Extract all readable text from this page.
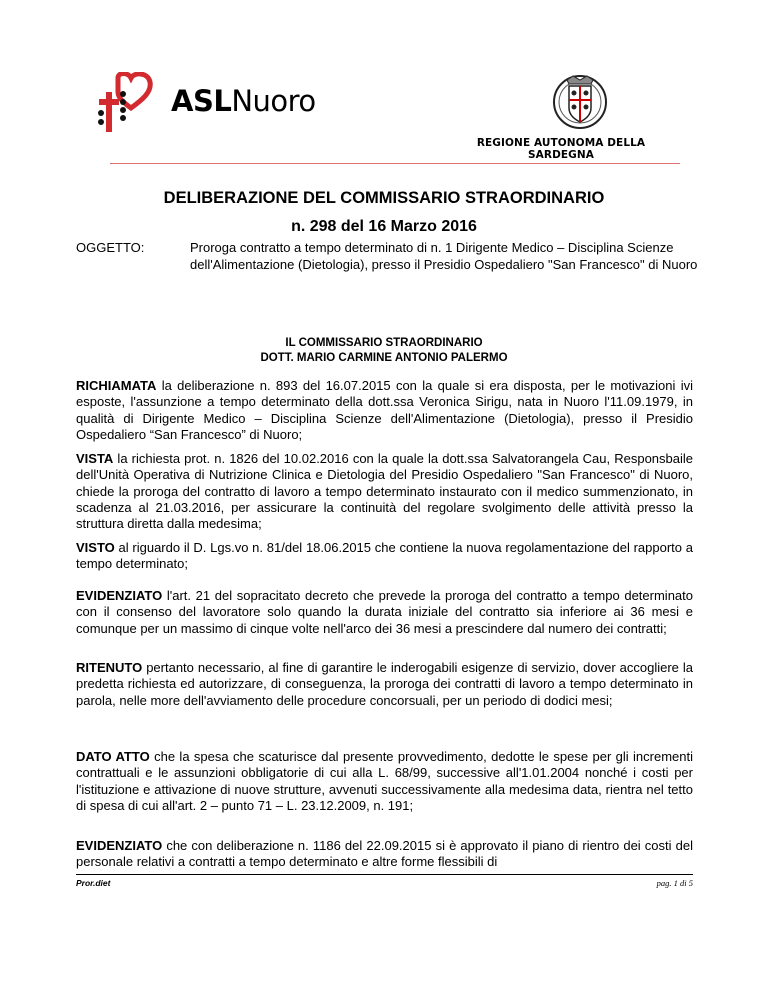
ASLNuoro
REGIONE AUTONOMA DELLA SARDEGNA
DELIBERAZIONE DEL COMMISSARIO STRAORDINARIO
n. 298 del 16 Marzo 2016
OGGETTO:	Proroga contratto a tempo determinato di n. 1 Dirigente Medico – Disciplina Scienze dell'Alimentazione (Dietologia), presso il Presidio Ospedaliero "San Francesco" di Nuoro
IL COMMISSARIO STRAORDINARIO
DOTT. MARIO CARMINE ANTONIO PALERMO
RICHIAMATA la deliberazione n. 893 del 16.07.2015 con la quale si era disposta, per le motivazioni ivi esposte, l'assunzione a tempo determinato della dott.ssa Veronica Sirigu, nata in Nuoro l'11.09.1979, in qualità di Dirigente Medico – Disciplina Scienze dell'Alimentazione (Dietologia), presso il Presidio Ospedaliero “San Francesco” di Nuoro;
VISTA la richiesta prot. n. 1826 del 10.02.2016 con la quale la dott.ssa Salvatorangela Cau, Responsbaile dell'Unità Operativa di Nutrizione Clinica e Dietologia del Presidio Ospedaliero "San Francesco" di Nuoro, chiede la proroga del contratto di lavoro a tempo determinato instaurato con il medico summenzionato, in scadenza al 21.03.2016, per assicurare la continuità del regolare svolgimento delle attività presso la struttura diretta dalla medesima;
VISTO al riguardo il D. Lgs.vo n. 81/del 18.06.2015 che contiene la nuova regolamentazione del rapporto a tempo determinato;
EVIDENZIATO l'art. 21 del sopracitato decreto che prevede la proroga del contratto a tempo determinato con il consenso del lavoratore solo quando la durata iniziale del contratto sia inferiore ai 36 mesi e comunque per un massimo di cinque volte nell'arco dei 36 mesi a prescindere dal numero dei contratti;
RITENUTO pertanto necessario, al fine di garantire le inderogabili esigenze di servizio, dover accogliere la predetta richiesta ed autorizzare, di conseguenza, la proroga dei contratti di lavoro a tempo determinato in parola, nelle more dell'avviamento delle procedure concorsuali, per un periodo di dodici mesi;
DATO ATTO che la spesa che scaturisce dal presente provvedimento, dedotte le spese per gli incrementi contrattuali e le assunzioni obbligatorie di cui alla L. 68/99, successive all'1.01.2004 nonché i costi per l'istituzione e attivazione di nuove strutture, avvenuti successivamente alla medesima data, rientra nel tetto di spesa di cui all'art. 2 – punto 71 – L. 23.12.2009, n. 191;
EVIDENZIATO che con deliberazione n. 1186 del 22.09.2015 si è approvato il piano di rientro dei costi del personale relativi a contratti a tempo determinato e altre forme flessibili di
Pror.diet	pag. 1 di 5
